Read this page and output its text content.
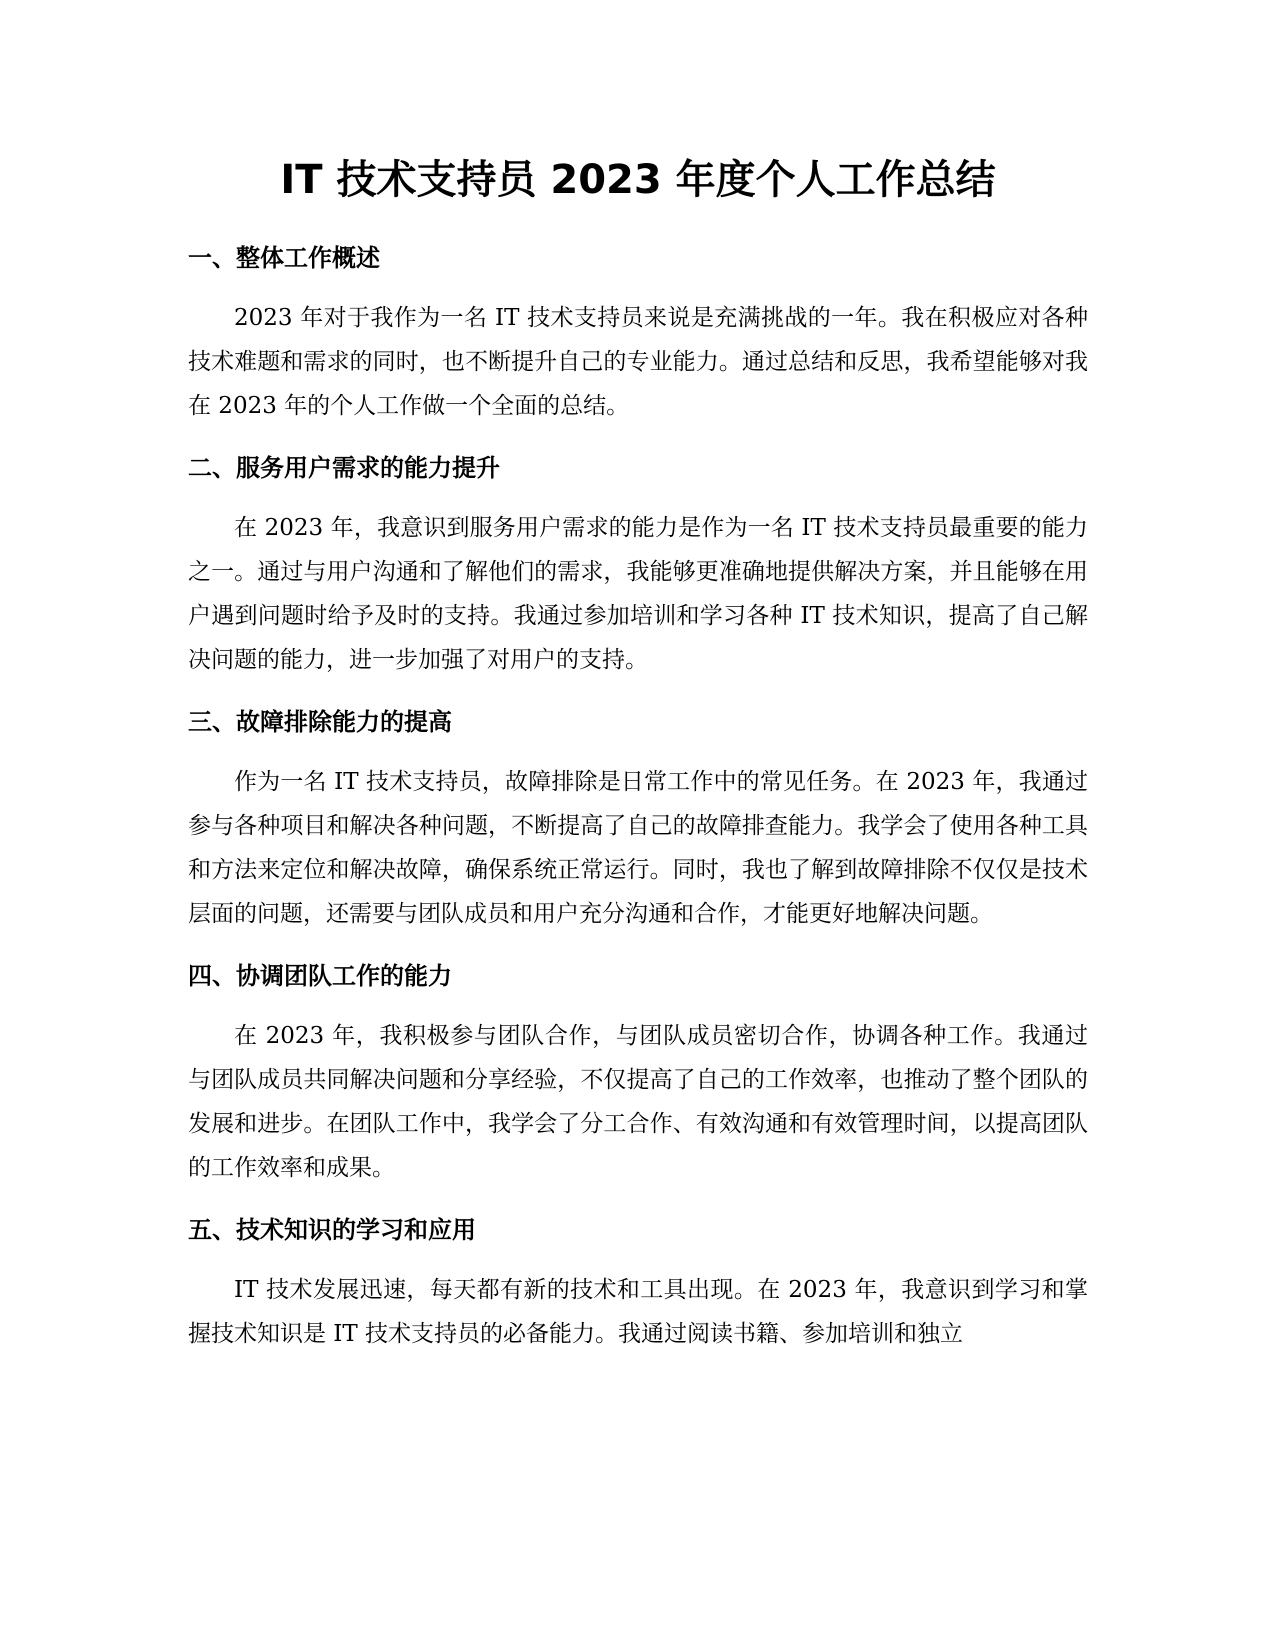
IT 技术支持员 2023 年度个人工作总结
一、整体工作概述

2023 年对于我作为一名 IT 技术支持员来说是充满挑战的一年。我在积极应对各种技术难题和需求的同时，也不断提升自己的专业能力。通过总结和反思，我希望能够对我在 2023 年的个人工作做一个全面的总结。

二、服务用户需求的能力提升

在 2023 年，我意识到服务用户需求的能力是作为一名 IT 技术支持员最重要的能力之一。通过与用户沟通和了解他们的需求，我能够更准确地提供解决方案，并且能够在用户遇到问题时给予及时的支持。我通过参加培训和学习各种 IT 技术知识，提高了自己解决问题的能力，进一步加强了对用户的支持。

三、故障排除能力的提高

作为一名 IT 技术支持员，故障排除是日常工作中的常见任务。在 2023 年，我通过参与各种项目和解决各种问题，不断提高了自己的故障排查能力。我学会了使用各种工具和方法来定位和解决故障，确保系统正常运行。同时，我也了解到故障排除不仅仅是技术层面的问题，还需要与团队成员和用户充分沟通和合作，才能更好地解决问题。

四、协调团队工作的能力

在 2023 年，我积极参与团队合作，与团队成员密切合作，协调各种工作。我通过与团队成员共同解决问题和分享经验，不仅提高了自己的工作效率，也推动了整个团队的发展和进步。在团队工作中，我学会了分工合作、有效沟通和有效管理时间，以提高团队的工作效率和成果。

五、技术知识的学习和应用

IT 技术发展迅速，每天都有新的技术和工具出现。在 2023 年，我意识到学习和掌握技术知识是 IT 技术支持员的必备能力。我通过阅读书籍、参加培训和独立
